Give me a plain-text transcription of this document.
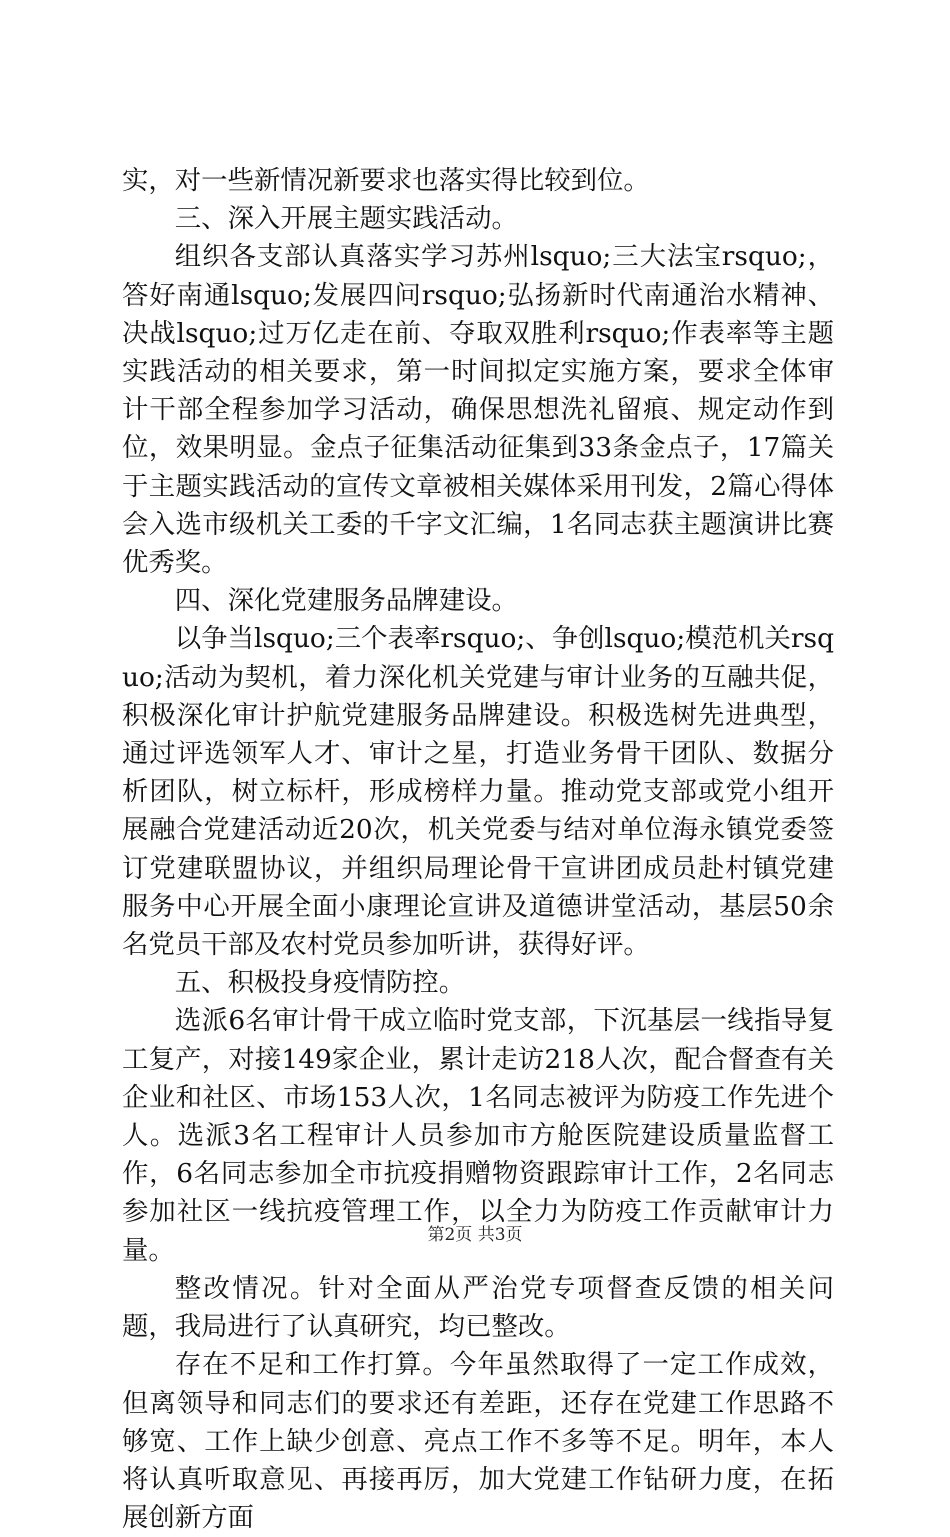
实，对一些新情况新要求也落实得比较到位。

三、深入开展主题实践活动。

组织各支部认真落实学习苏州lsquo;三大法宝rsquo;，答好南通lsquo;发展四问rsquo;弘扬新时代南通治水精神、决战lsquo;过万亿走在前、夺取双胜利rsquo;作表率等主题实践活动的相关要求，第一时间拟定实施方案，要求全体审计干部全程参加学习活动，确保思想洗礼留痕、规定动作到位，效果明显。金点子征集活动征集到33条金点子，17篇关于主题实践活动的宣传文章被相关媒体采用刊发，2篇心得体会入选市级机关工委的千字文汇编，1名同志获主题演讲比赛优秀奖。

四、深化党建服务品牌建设。

以争当lsquo;三个表率rsquo;、争创lsquo;模范机关rsquo;活动为契机，着力深化机关党建与审计业务的互融共促，积极深化审计护航党建服务品牌建设。积极选树先进典型，通过评选领军人才、审计之星，打造业务骨干团队、数据分析团队，树立标杆，形成榜样力量。推动党支部或党小组开展融合党建活动近20次，机关党委与结对单位海永镇党委签订党建联盟协议，并组织局理论骨干宣讲团成员赴村镇党建服务中心开展全面小康理论宣讲及道德讲堂活动，基层50余名党员干部及农村党员参加听讲，获得好评。

五、积极投身疫情防控。

选派6名审计骨干成立临时党支部，下沉基层一线指导复工复产，对接149家企业，累计走访218人次，配合督查有关企业和社区、市场153人次，1名同志被评为防疫工作先进个人。选派3名工程审计人员参加市方舱医院建设质量监督工作，6名同志参加全市抗疫捐赠物资跟踪审计工作，2名同志参加社区一线抗疫管理工作，以全力为防疫工作贡献审计力量。

整改情况。针对全面从严治党专项督查反馈的相关问题，我局进行了认真研究，均已整改。

存在不足和工作打算。今年虽然取得了一定工作成效，但离领导和同志们的要求还有差距，还存在党建工作思路不够宽、工作上缺少创意、亮点工作不多等不足。明年，本人将认真听取意见、再接再厉，加大党建工作钻研力度，在拓展创新方面

第2页 共3页
